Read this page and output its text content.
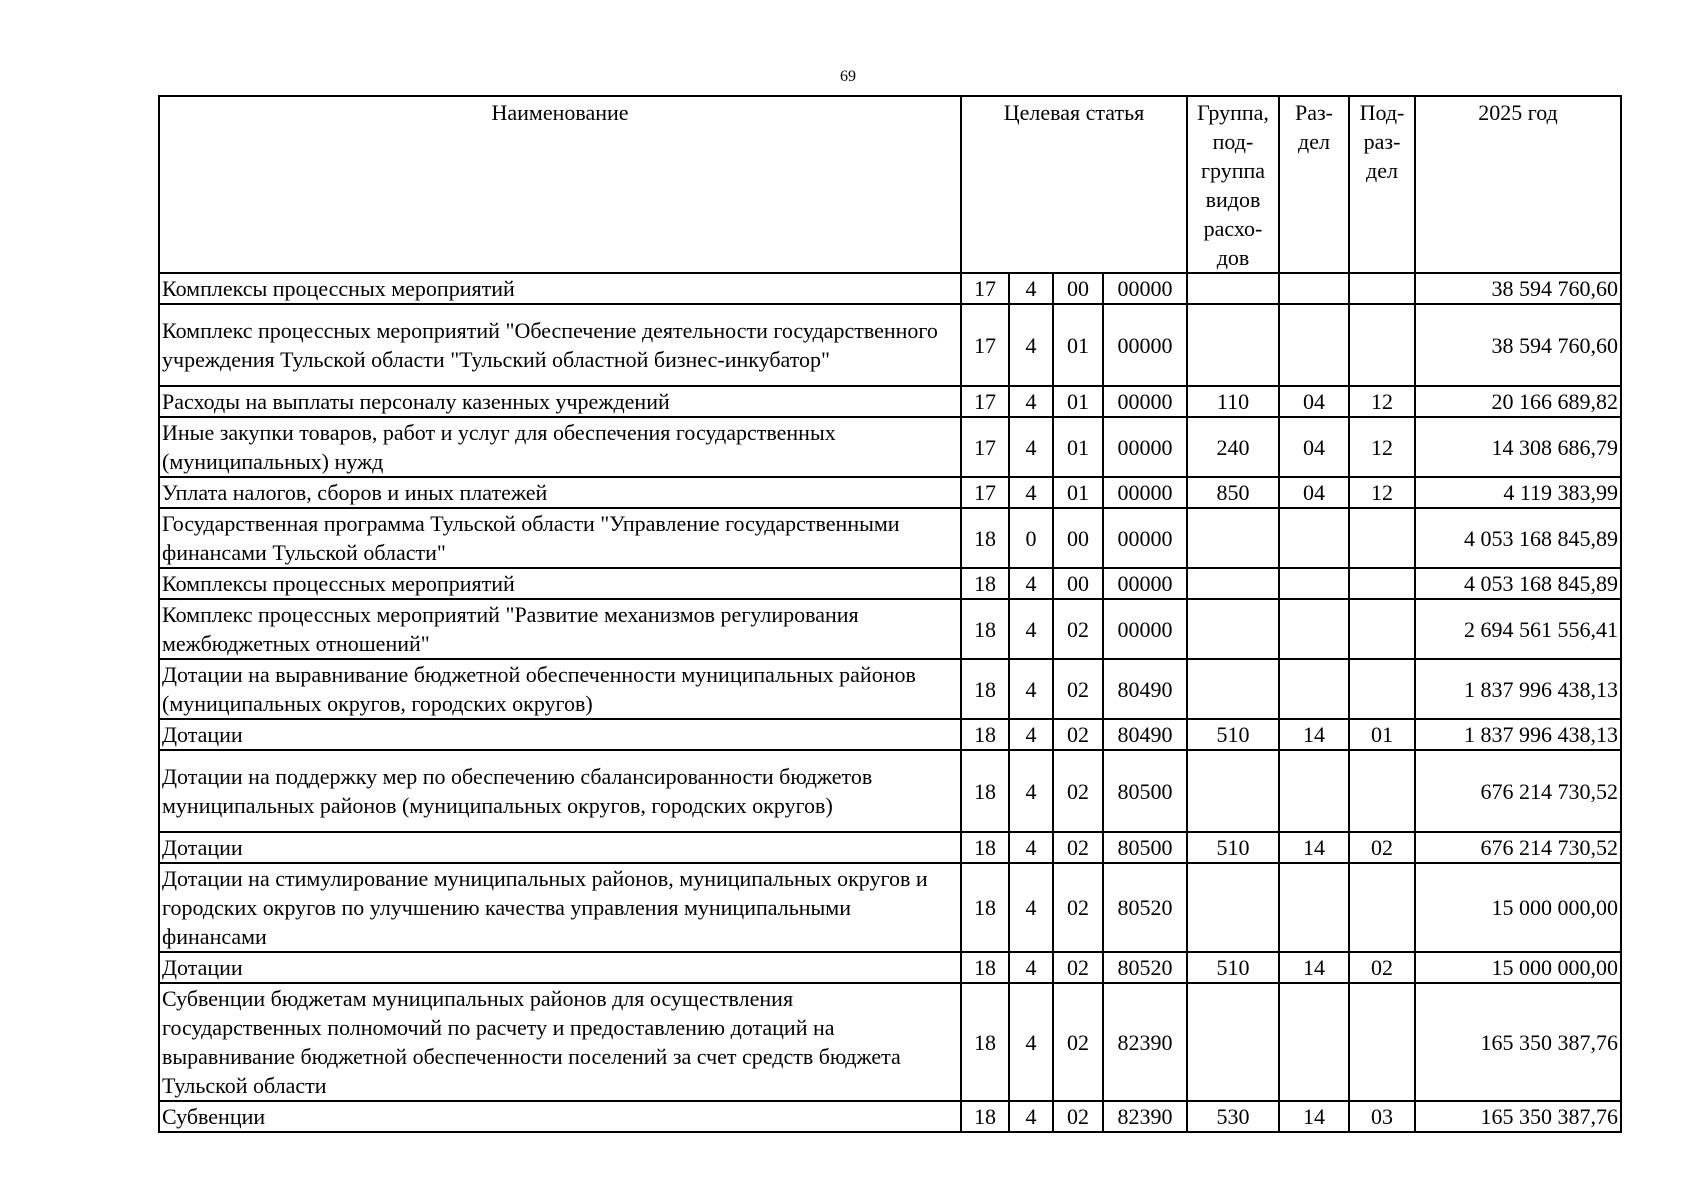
69
Наименование	Целевая статья				Группа, под-группа видов расхо-дов	Раз-дел	Под-раз-дел	2025 год
Комплексы процессных мероприятий	17	4	00	00000				38 594 760,60
Комплекс процессных мероприятий "Обеспечение деятельности государственного учреждения Тульской области "Тульский областной бизнес-инкубатор"	17	4	01	00000				38 594 760,60
Расходы на выплаты персоналу казенных учреждений	17	4	01	00000	110	04	12	20 166 689,82
Иные закупки товаров, работ и услуг для обеспечения государственных (муниципальных) нужд	17	4	01	00000	240	04	12	14 308 686,79
Уплата налогов, сборов и иных платежей	17	4	01	00000	850	04	12	4 119 383,99
Государственная программа Тульской области "Управление государственными финансами Тульской области"	18	0	00	00000				4 053 168 845,89
Комплексы процессных мероприятий	18	4	00	00000				4 053 168 845,89
Комплекс процессных мероприятий "Развитие механизмов регулирования межбюджетных отношений"	18	4	02	00000				2 694 561 556,41
Дотации на выравнивание бюджетной обеспеченности муниципальных районов (муниципальных округов, городских округов)	18	4	02	80490				1 837 996 438,13
Дотации	18	4	02	80490	510	14	01	1 837 996 438,13
Дотации на поддержку мер по обеспечению сбалансированности бюджетов муниципальных районов (муниципальных округов, городских округов)	18	4	02	80500				676 214 730,52
Дотации	18	4	02	80500	510	14	02	676 214 730,52
Дотации на стимулирование муниципальных районов, муниципальных округов и городских округов по улучшению качества управления муниципальными финансами	18	4	02	80520				15 000 000,00
Дотации	18	4	02	80520	510	14	02	15 000 000,00
Субвенции бюджетам муниципальных районов для осуществления государственных полномочий по расчету и предоставлению дотаций на выравнивание бюджетной обеспеченности поселений за счет средств бюджета Тульской области	18	4	02	82390				165 350 387,76
Субвенции	18	4	02	82390	530	14	03	165 350 387,76
